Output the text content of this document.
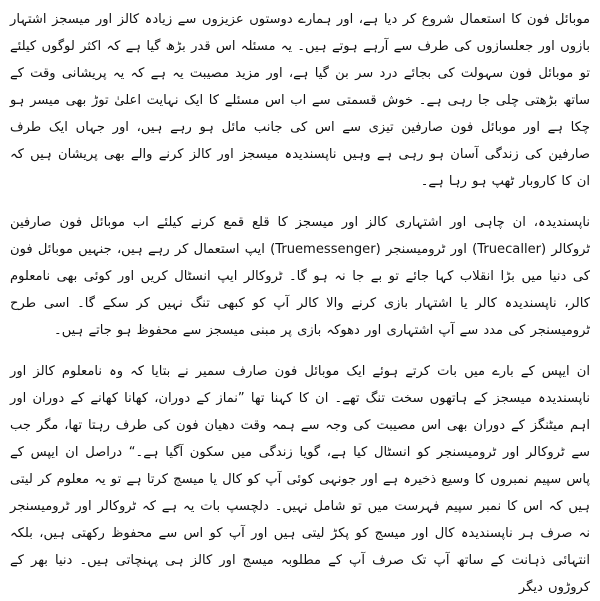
موبائل فون کا استعمال شروع کر دیا ہے، اور ہمارے دوستوں عزیزوں سے زیادہ کالز اور میسجز اشتہار بازوں اور جعلسازوں کی طرف سے آرہے ہوتے ہیں۔ یہ مسئلہ اس قدر بڑھ گیا ہے کہ اکثر لوگوں کیلئے تو موبائل فون سہولت کی بجائے درد سر بن گیا ہے، اور مزید مصیبت یہ ہے کہ یہ پریشانی وقت کے ساتھ بڑھتی چلی جا رہی ہے۔ خوش قسمتی سے اب اس مسئلے کا ایک نہایت اعلیٰ توڑ بھی میسر ہو چکا ہے اور موبائل فون صارفین تیزی سے اس کی جانب مائل ہو رہے ہیں، اور جہاں ایک طرف صارفین کی زندگی آسان ہو رہی ہے وہیں ناپسندیدہ میسجز اور کالز کرنے والے بھی پریشان ہیں کہ ان کا کاروبار ٹھپ ہو رہا ہے۔

ناپسندیدہ، ان چاہی اور اشتہاری کالز اور میسجز کا قلع قمع کرنے کیلئے اب موبائل فون صارفین ٹروکالر (Truecaller) اور ٹرومیسنجر (Truemessenger) ایپ استعمال کر رہے ہیں، جنہیں موبائل فون کی دنیا میں بڑا انقلاب کہا جائے تو بے جا نہ ہو گا۔ ٹروکالر ایپ انسٹال کریں اور کوئی بھی نامعلوم کالر، ناپسندیدہ کالر یا اشتہار بازی کرنے والا کالر آپ کو کبھی تنگ نہیں کر سکے گا۔ اسی طرح ٹرومیسنجر کی مدد سے آپ اشتہاری اور دھوکہ بازی پر مبنی میسجز سے محفوظ ہو جاتے ہیں۔

ان ایپس کے بارے میں بات کرتے ہوئے ایک موبائل فون صارف سمیر نے بتایا کہ وہ نامعلوم کالز اور ناپسندیدہ میسجز کے ہاتھوں سخت تنگ تھے۔ ان کا کہنا تھا ”نماز کے دوران، کھانا کھانے کے دوران اور اہم میٹنگز کے دوران بھی اس مصیبت کی وجہ سے ہمہ وقت دھیان فون کی طرف رہتا تھا، مگر جب سے ٹروکالر اور ٹرومیسنجر کو انسٹال کیا ہے، گویا زندگی میں سکون آگیا ہے۔“ دراصل ان ایپس کے پاس سپیم نمبروں کا وسیع ذخیرہ ہے اور جونہی کوئی آپ کو کال یا میسج کرتا ہے تو یہ معلوم کر لیتی ہیں کہ اس کا نمبر سپیم فہرست میں تو شامل نہیں۔ دلچسپ بات یہ ہے کہ ٹروکالر اور ٹرومیسنجر نہ صرف ہر ناپسندیدہ کال اور میسج کو پکڑ لیتی ہیں اور آپ کو اس سے محفوظ رکھتی ہیں، بلکہ انتہائی ذہانت کے ساتھ آپ تک صرف آپ کے مطلوبہ میسج اور کالز ہی پہنچاتی ہیں۔ دنیا بھر کے کروڑوں دیگر
